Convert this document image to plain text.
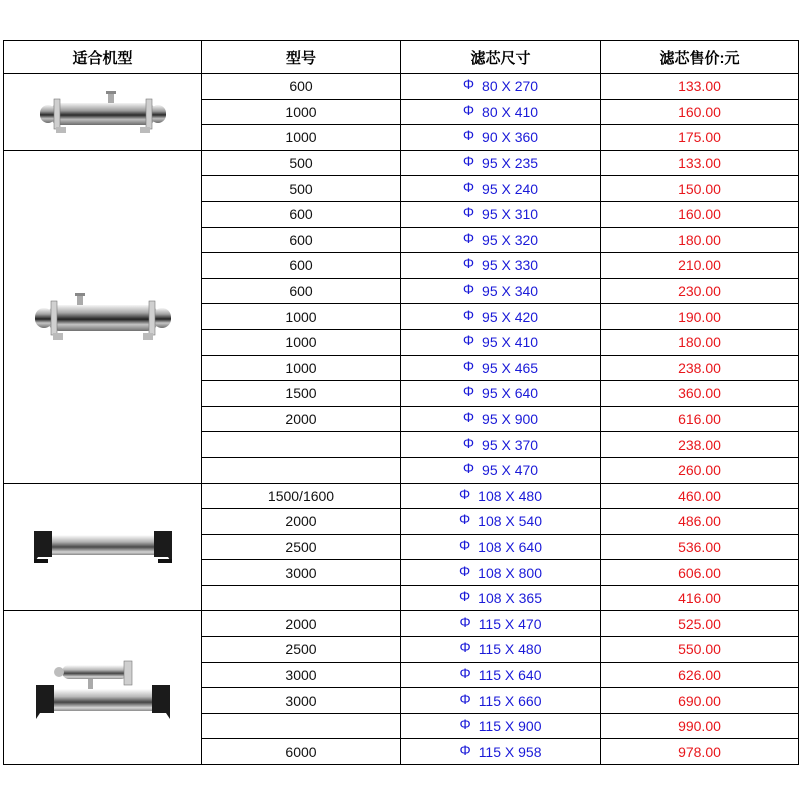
适合机型	型号	滤芯尺寸	滤芯售价:元

	600	Φ 80 X 270	133.00
	1000	Φ 80 X 410	160.00
	1000	Φ 90 X 360	175.00

	500	Φ 95 X 235	133.00
	500	Φ 95 X 240	150.00
	600	Φ 95 X 310	160.00
	600	Φ 95 X 320	180.00
	600	Φ 95 X 330	210.00
	600	Φ 95 X 340	230.00
	1000	Φ 95 X 420	190.00
	1000	Φ 95 X 410	180.00
	1000	Φ 95 X 465	238.00
	1500	Φ 95 X 640	360.00
	2000	Φ 95 X 900	616.00
		Φ 95 X 370	238.00
		Φ 95 X 470	260.00

	1500/1600	Φ 108 X 480	460.00
	2000	Φ 108 X 540	486.00
	2500	Φ 108 X 640	536.00
	3000	Φ 108 X 800	606.00
		Φ 108 X 365	416.00

	2000	Φ 115 X 470	525.00
	2500	Φ 115 X 480	550.00
	3000	Φ 115 X 640	626.00
	3000	Φ 115 X 660	690.00
		Φ 115 X 900	990.00
	6000	Φ 115 X 958	978.00
